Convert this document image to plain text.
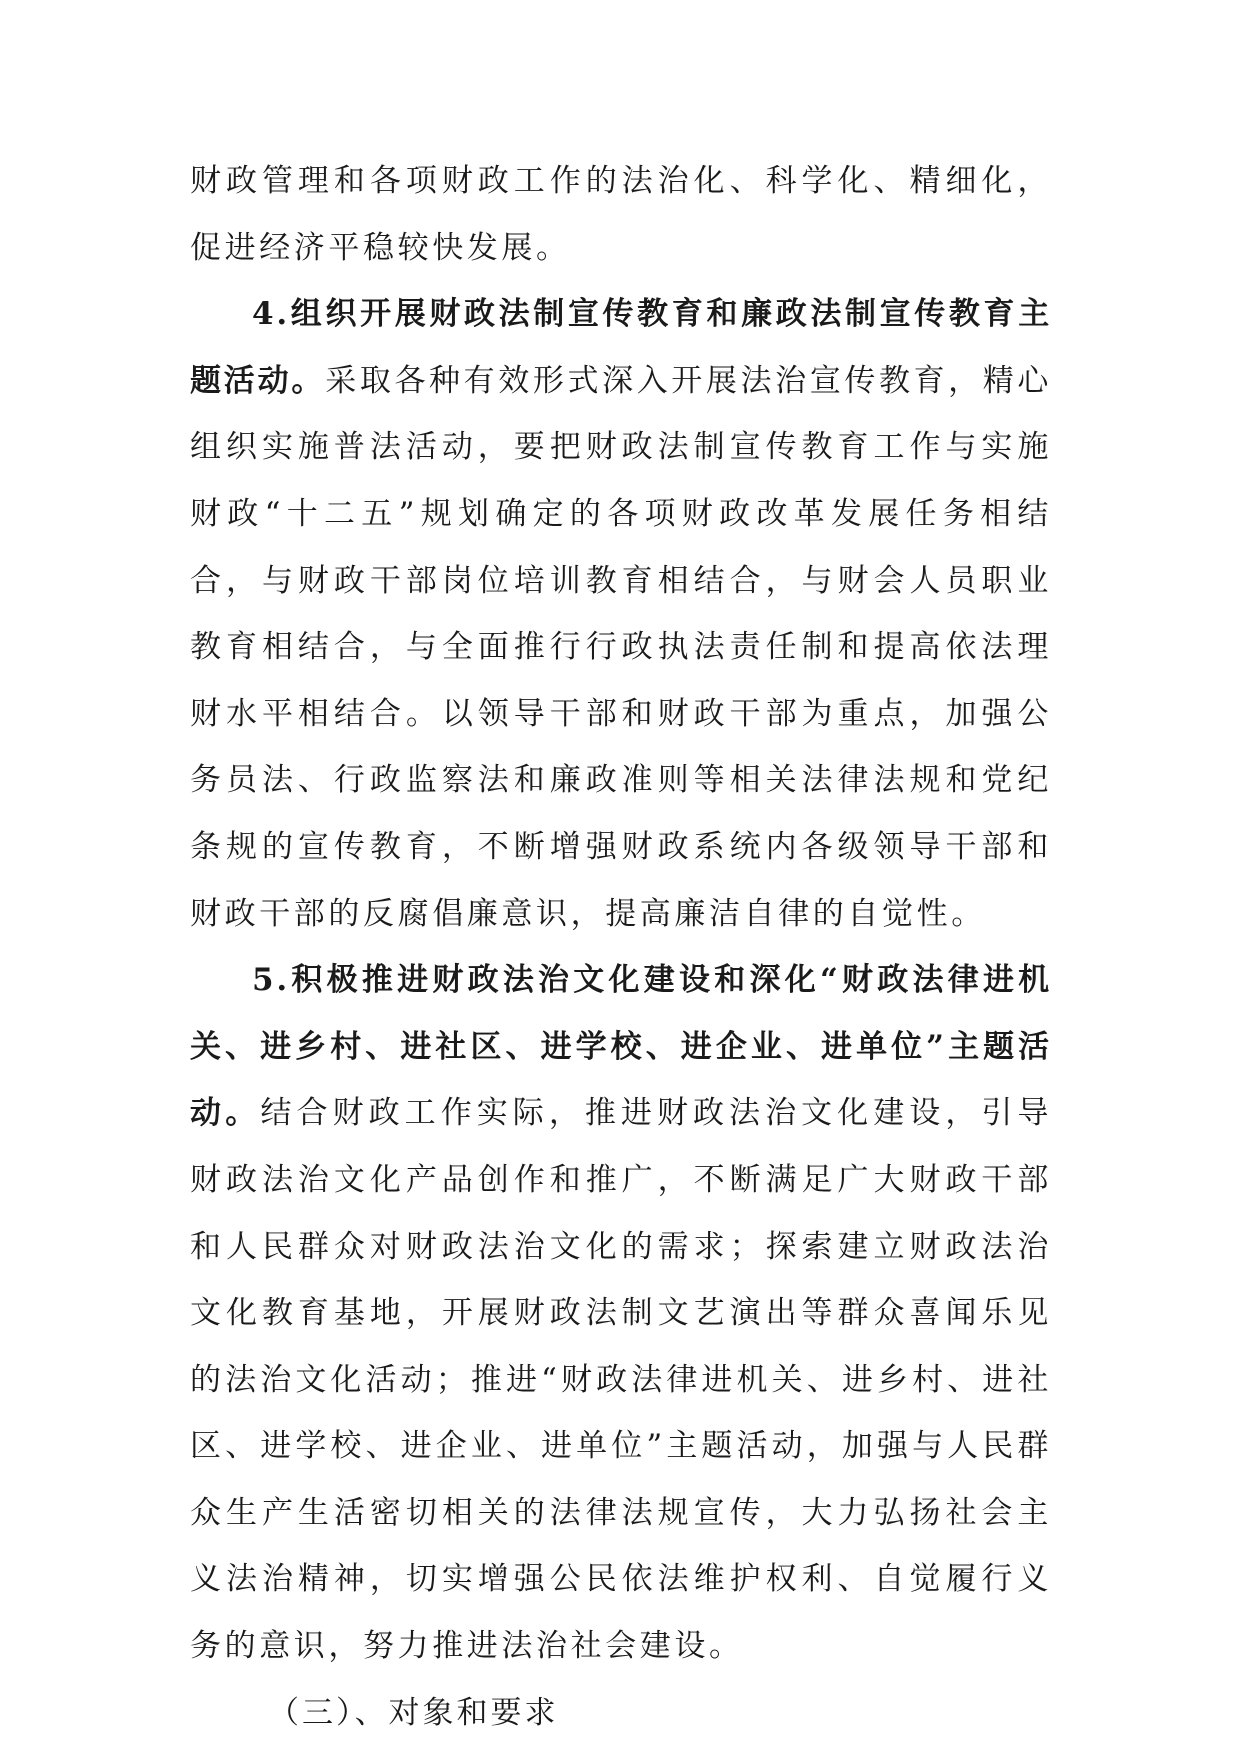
财政管理和各项财政工作的法治化、科学化、精细化，促进经济平稳较快发展。

4.组织开展财政法制宣传教育和廉政法制宣传教育主题活动。采取各种有效形式深入开展法治宣传教育，精心组织实施普法活动，要把财政法制宣传教育工作与实施财政“十二五”规划确定的各项财政改革发展任务相结合，与财政干部岗位培训教育相结合，与财会人员职业教育相结合，与全面推行行政执法责任制和提高依法理财水平相结合。以领导干部和财政干部为重点，加强公务员法、行政监察法和廉政准则等相关法律法规和党纪条规的宣传教育，不断增强财政系统内各级领导干部和财政干部的反腐倡廉意识，提高廉洁自律的自觉性。

5.积极推进财政法治文化建设和深化“财政法律进机关、进乡村、进社区、进学校、进企业、进单位”主题活动。结合财政工作实际，推进财政法治文化建设，引导财政法治文化产品创作和推广，不断满足广大财政干部和人民群众对财政法治文化的需求；探索建立财政法治文化教育基地，开展财政法制文艺演出等群众喜闻乐见的法治文化活动；推进“财政法律进机关、进乡村、进社区、进学校、进企业、进单位”主题活动，加强与人民群众生产生活密切相关的法律法规宣传，大力弘扬社会主义法治精神，切实增强公民依法维护权利、自觉履行义务的意识，努力推进法治社会建设。

（三）、对象和要求
